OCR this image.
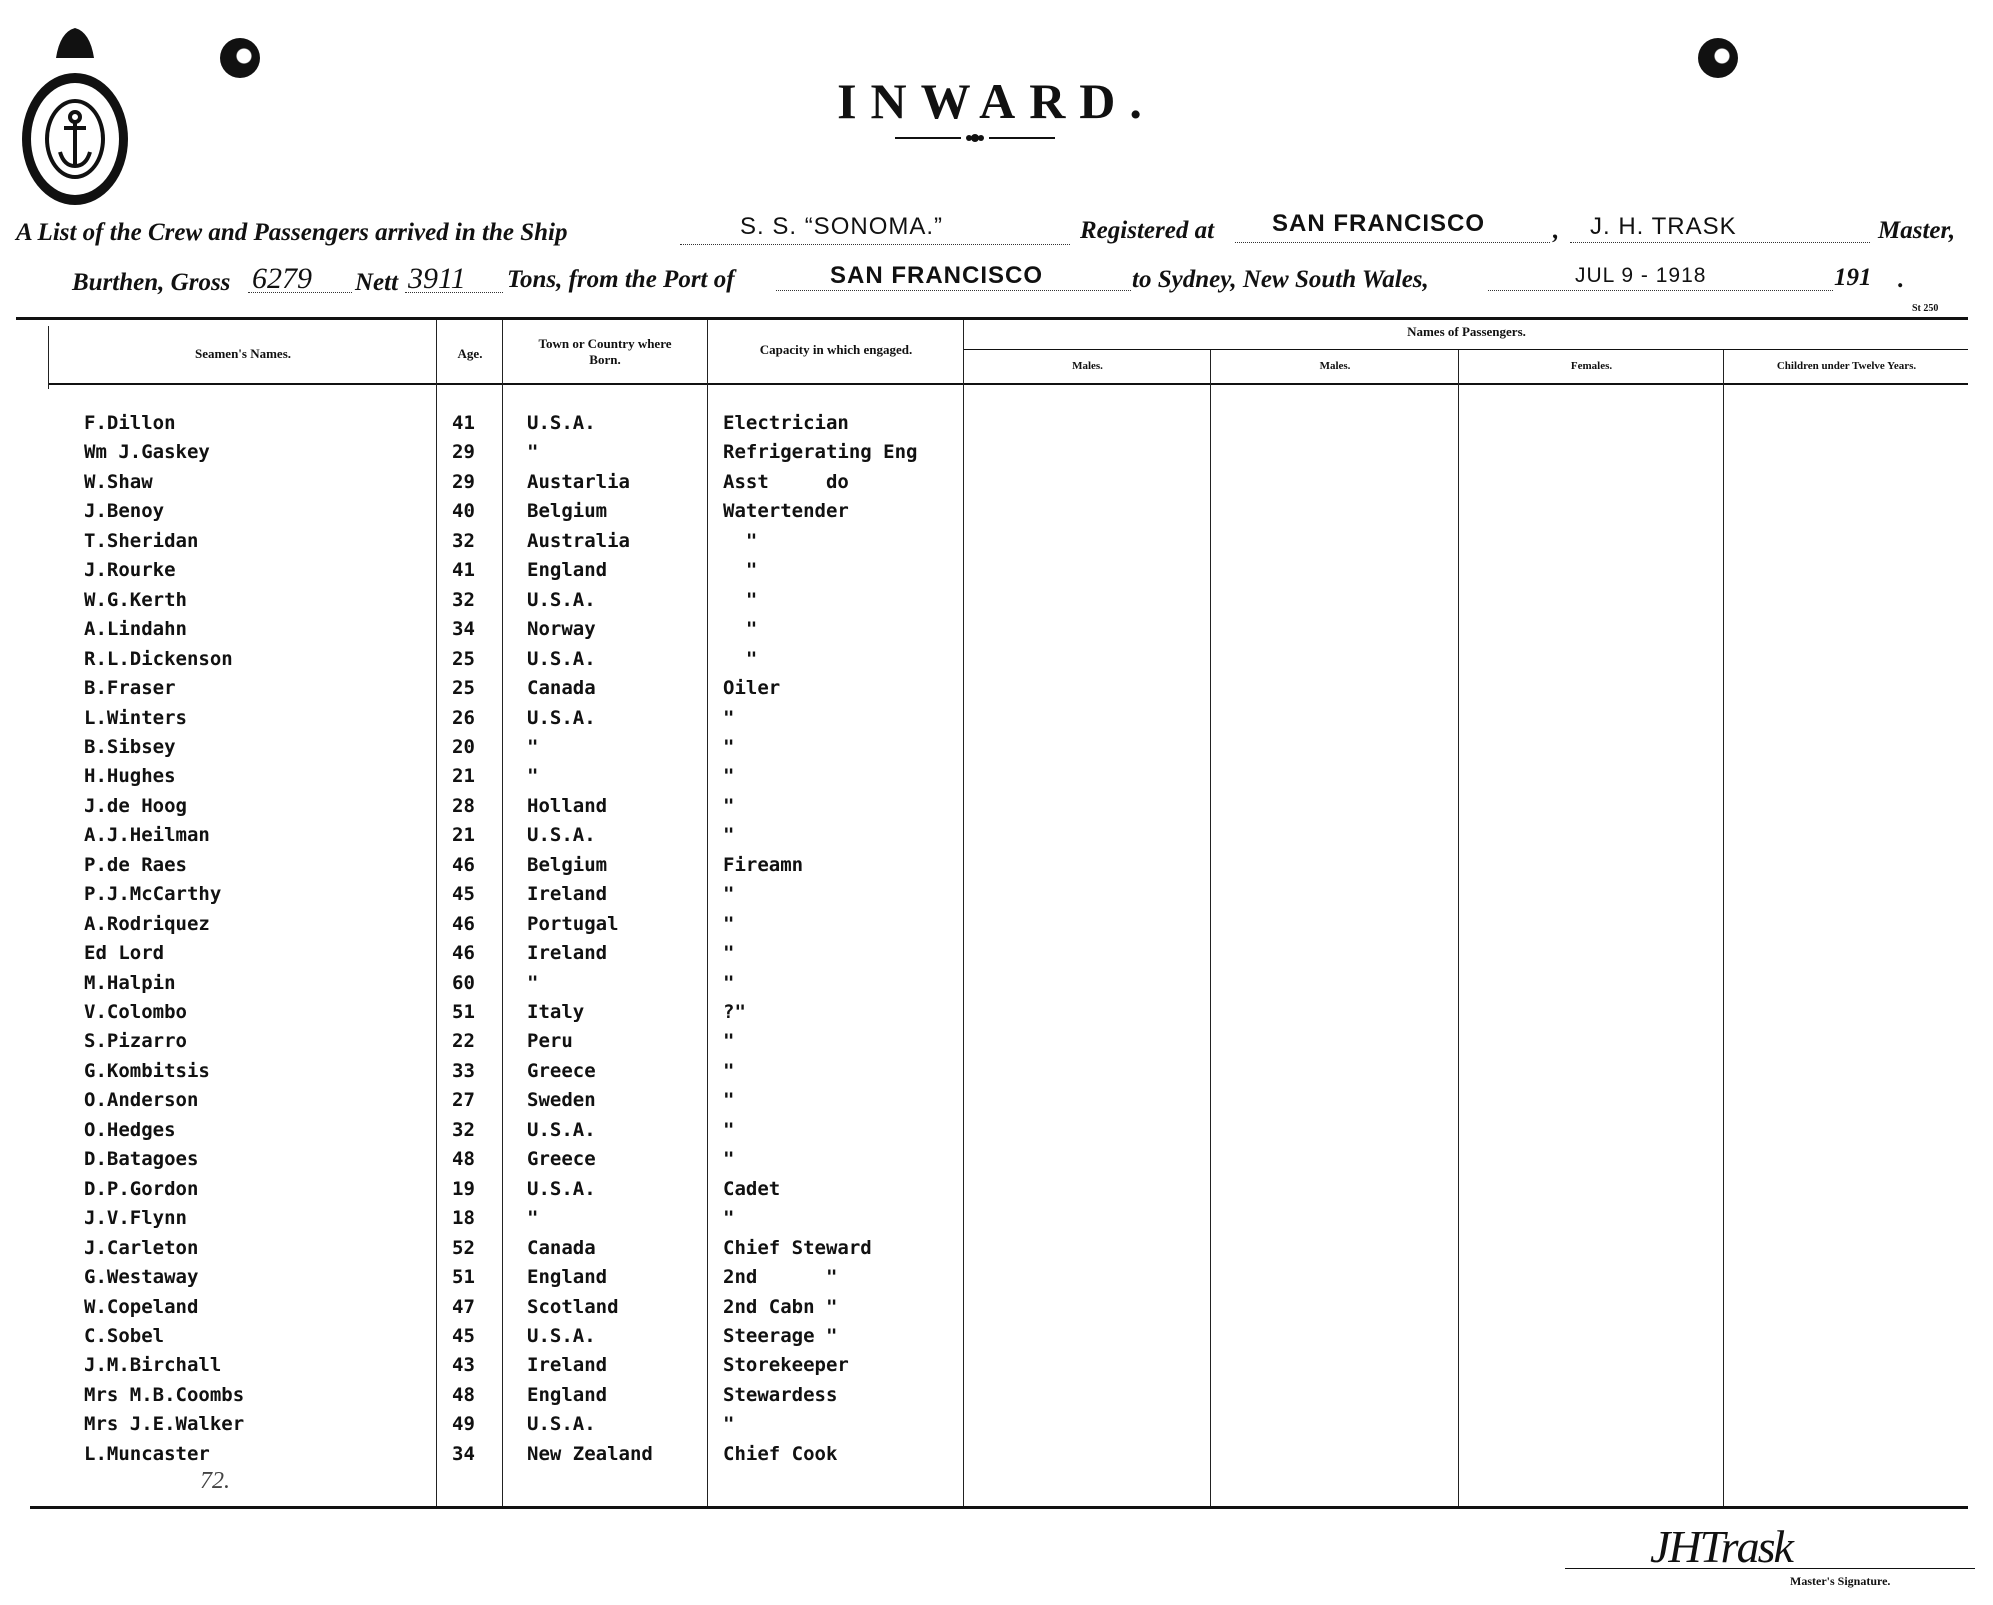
INWARD.
A List of the Crew and Passengers arrived in the Ship	S. S. “SONOMA.”	Registered at SAN FRANCISCO	, J. H. TRASK	Master,
Burthen, Gross 6279 Nett 3911 Tons, from the Port of	SAN FRANCISCO	to Sydney, New South Wales,	JUL 9 - 1918	191 .
St 250
Seamen's Names.	Age.
Town or Country where Born.
Capacity in which engaged.
Names of Passengers.
Males.	Males.	Females.	Children under Twelve Years.
F.Dillon	41	U.S.A.	Electrician
Wm J.Gaskey	29	"	Refrigerating Eng
W.Shaw	29	Austarlia	Asst     do
J.Benoy	40	Belgium	Watertender
T.Sheridan	32	Australia	"
J.Rourke	41	England	"
W.G.Kerth	32	U.S.A.	"
A.Lindahn	34	Norway	"
R.L.Dickenson	25	U.S.A.	"
B.Fraser	25	Canada	Oiler
L.Winters	26	U.S.A.	"
B.Sibsey	20	"	"
H.Hughes	21	"	"
J.de Hoog	28	Holland	"
A.J.Heilman	21	U.S.A.	"
P.de Raes	46	Belgium	Fireamn
P.J.McCarthy	45	Ireland	"
A.Rodriquez	46	Portugal	"
Ed Lord	46	Ireland	"
M.Halpin	60	"	"
V.Colombo	51	Italy	?"
S.Pizarro	22	Peru	"
G.Kombitsis	33	Greece	"
O.Anderson	27	Sweden	"
O.Hedges	32	U.S.A.	"
D.Batagoes	48	Greece	"
D.P.Gordon	19	U.S.A.	Cadet
J.V.Flynn	18	"	"
J.Carleton	52	Canada	Chief Steward
G.Westaway	51	England	2nd      "
W.Copeland	47	Scotland	2nd Cabn "
C.Sobel	45	U.S.A.	Steerage "
J.M.Birchall	43	Ireland	Storekeeper
Mrs M.B.Coombs	48	England	Stewardess
Mrs J.E.Walker	49	U.S.A.	"
L.Muncaster	34	New Zealand	Chief Cook
72.
JHTrask
Master's Signature.
